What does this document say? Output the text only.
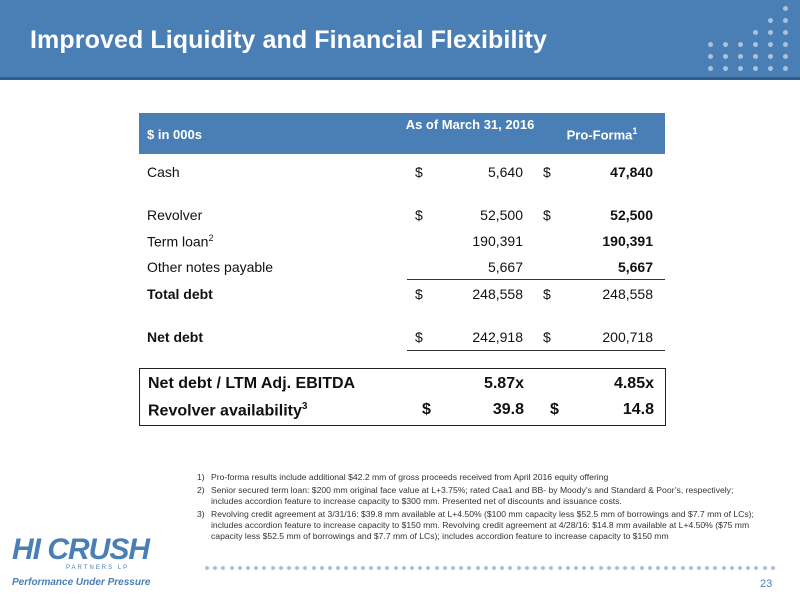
Improved Liquidity and Financial Flexibility
$ in 000s
As of March 31, 2016
Pro-Forma$^1$
Cash	$	5,640 $	47,840
Revolver	$	52,500 $	52,500
Term loan$^2$	190,391	190,391
Other notes payable	5,667	5,667
Total debt	$	248,558 $	248,558
Net debt	$	242,918 $	200,718
Net debt / LTM Adj. EBITDA	5.87x	4.85x
Revolver availability$^3$	$	39.8 $	14.8
1) Pro-forma results include additional $42.2 mm of gross proceeds received from April 2016 equity offering
2) Senior secured term loan: $200 mm original face value at L+3.75%; rated Caa1 and BB- by Moody’s and Standard & Poor’s, respectively; includes accordion feature to increase capacity to $300 mm. Presented net of discounts and issuance costs.
3) Revolving credit agreement at 3/31/16: $39.8 mm available at L+4.50% ($100 mm capacity less $52.5 mm of borrowings and $7.7 mm of LCs); includes accordion feature to increase capacity to $150 mm. Revolving credit agreement at 4/28/16: $14.8 mm available at L+4.50% ($75 mm capacity less $52.5 mm of borrowings and $7.7 mm of LCs); includes accordion feature to increase capacity to $150 mm
HI CRUSH
PARTNERS LP
Performance Under Pressure	23
